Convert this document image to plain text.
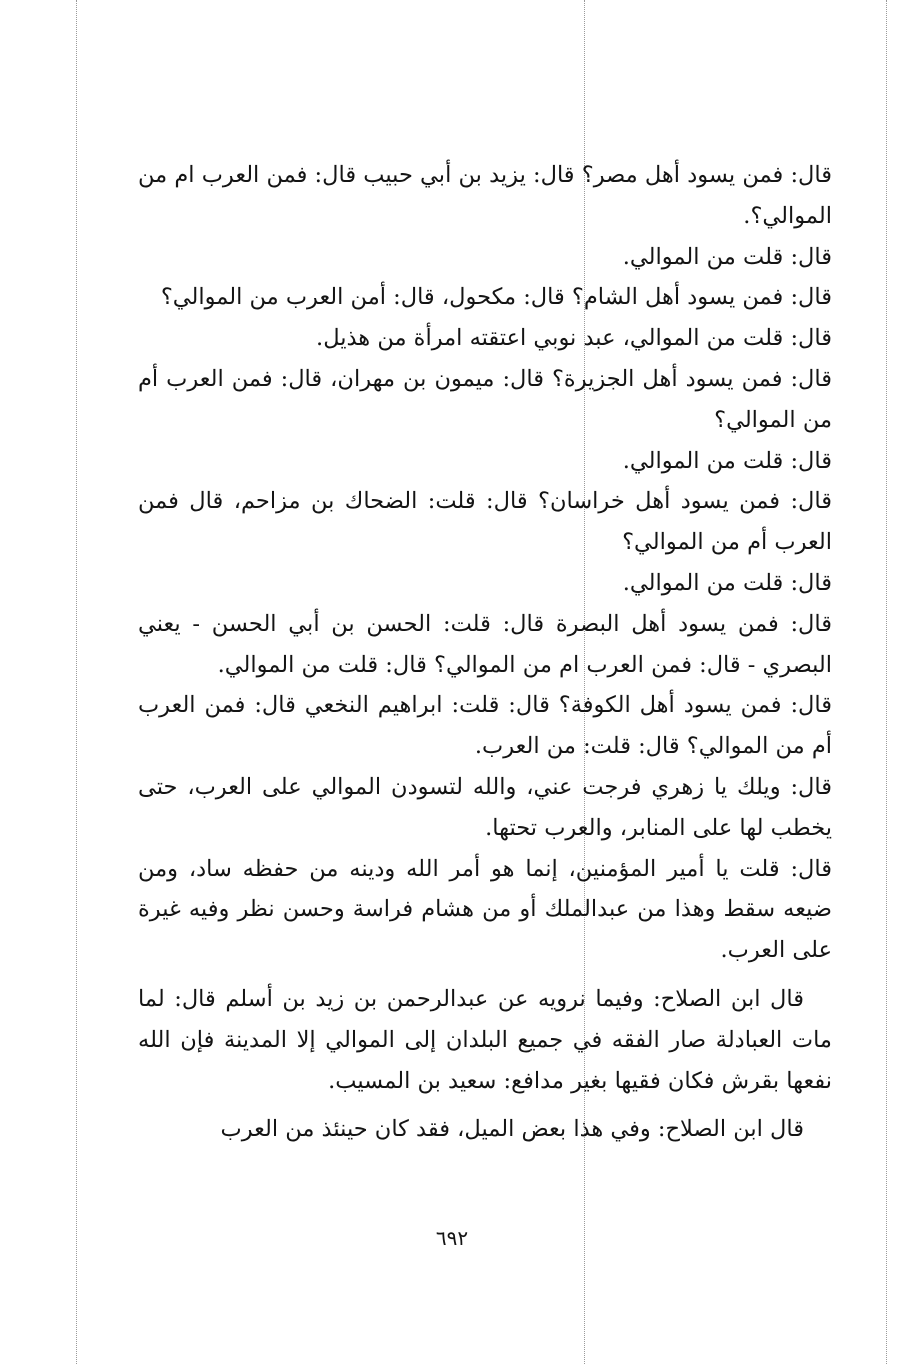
قال: فمن يسود أهل مصر؟ قال: يزيد بن أبي حبيب قال: فمن العرب ام من الموالي؟.

قال: قلت من الموالي.

قال: فمن يسود أهل الشام؟ قال: مكحول، قال: أمن العرب من الموالي؟

قال: قلت من الموالي، عبد نوبي اعتقته امرأة من هذيل.

قال: فمن يسود أهل الجزيرة؟ قال: ميمون بن مهران، قال: فمن العرب أم من الموالي؟

قال: قلت من الموالي.

قال: فمن يسود أهل خراسان؟ قال: قلت: الضحاك بن مزاحم، قال فمن العرب أم من الموالي؟

قال: قلت من الموالي.

قال: فمن يسود أهل البصرة قال: قلت: الحسن بن أبي الحسن - يعني البصري - قال: فمن العرب ام من الموالي؟ قال: قلت من الموالي.

قال: فمن يسود أهل الكوفة؟ قال: قلت: ابراهيم النخعي قال: فمن العرب أم من الموالي؟ قال: قلت: من العرب.

قال: ويلك يا زهري فرجت عني، والله لتسودن الموالي على العرب، حتى يخطب لها على المنابر، والعرب تحتها.

قال: قلت يا أمير المؤمنين، إنما هو أمر الله ودينه من حفظه ساد، ومن ضيعه سقط وهذا من عبدالملك أو من هشام فراسة وحسن نظر وفيه غيرة على العرب.

قال ابن الصلاح: وفيما نرويه عن عبدالرحمن بن زيد بن أسلم قال: لما مات العبادلة صار الفقه في جميع البلدان إلى الموالي إلا المدينة فإن الله نفعها بقرش فكان فقيها بغير مدافع: سعيد بن المسيب.

قال ابن الصلاح: وفي هذا بعض الميل، فقد كان حينئذ من العرب

٦٩٢
